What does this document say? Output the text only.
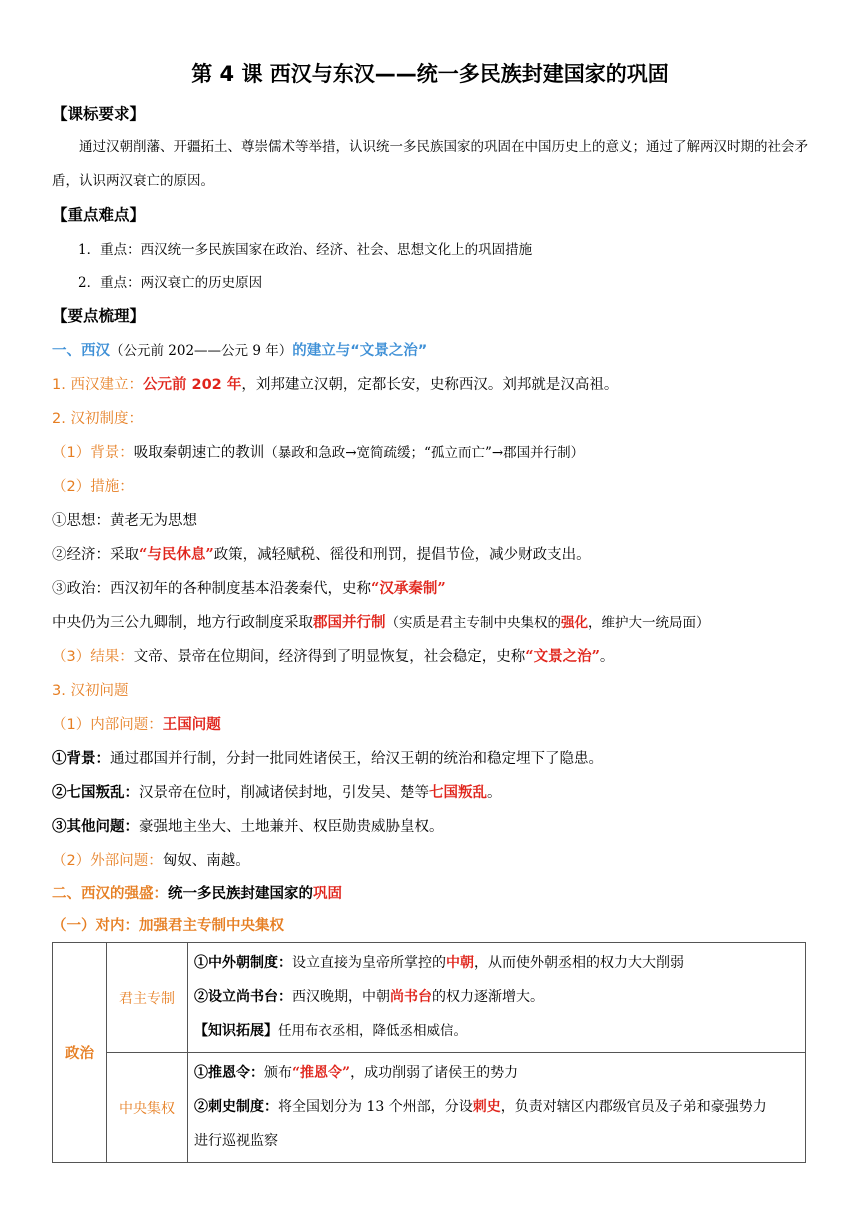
第 4 课 西汉与东汉——统一多民族封建国家的巩固
【课标要求】
通过汉朝削藩、开疆拓土、尊崇儒术等举措，认识统一多民族国家的巩固在中国历史上的意义；通过了解两汉时期的社会矛盾，认识两汉衰亡的原因。
【重点难点】
1．重点：西汉统一多民族国家在政治、经济、社会、思想文化上的巩固措施
2．重点：两汉衰亡的历史原因
【要点梳理】
一、西汉（公元前 202——公元 9 年）的建立与“文景之治”
1. 西汉建立：公元前 202 年，刘邦建立汉朝，定都长安，史称西汉。刘邦就是汉高祖。
2. 汉初制度：
（1）背景：吸取秦朝速亡的教训（暴政和急政→宽简疏缓；“孤立而亡”→郡国并行制）
（2）措施：
①思想：黄老无为思想
②经济：采取“与民休息”政策，减轻赋税、徭役和刑罚，提倡节俭，减少财政支出。
③政治：西汉初年的各种制度基本沿袭秦代，史称“汉承秦制”
中央仍为三公九卿制，地方行政制度采取郡国并行制（实质是君主专制中央集权的强化，维护大一统局面）
（3）结果：文帝、景帝在位期间，经济得到了明显恢复，社会稳定，史称“文景之治”。
3. 汉初问题
（1）内部问题：王国问题
①背景：通过郡国并行制，分封一批同姓诸侯王，给汉王朝的统治和稳定埋下了隐患。
②七国叛乱：汉景帝在位时，削减诸侯封地，引发吴、楚等七国叛乱。
③其他问题：豪强地主坐大、土地兼并、权臣勋贵威胁皇权。
（2）外部问题：匈奴、南越。
二、西汉的强盛：统一多民族封建国家的巩固
（一）对内：加强君主专制中央集权
政治	君主专制	①中外朝制度：设立直接为皇帝所掌控的中朝，从而使外朝丞相的权力大大削弱
②设立尚书台：西汉晚期，中朝尚书台的权力逐渐增大。
【知识拓展】任用布衣丞相，降低丞相威信。

	中央集权	①推恩令：颁布“推恩令”，成功削弱了诸侯王的势力
②刺史制度：将全国划分为 13 个州部，分设刺史，负责对辖区内郡级官员及子弟和豪强势力
进行巡视监察
